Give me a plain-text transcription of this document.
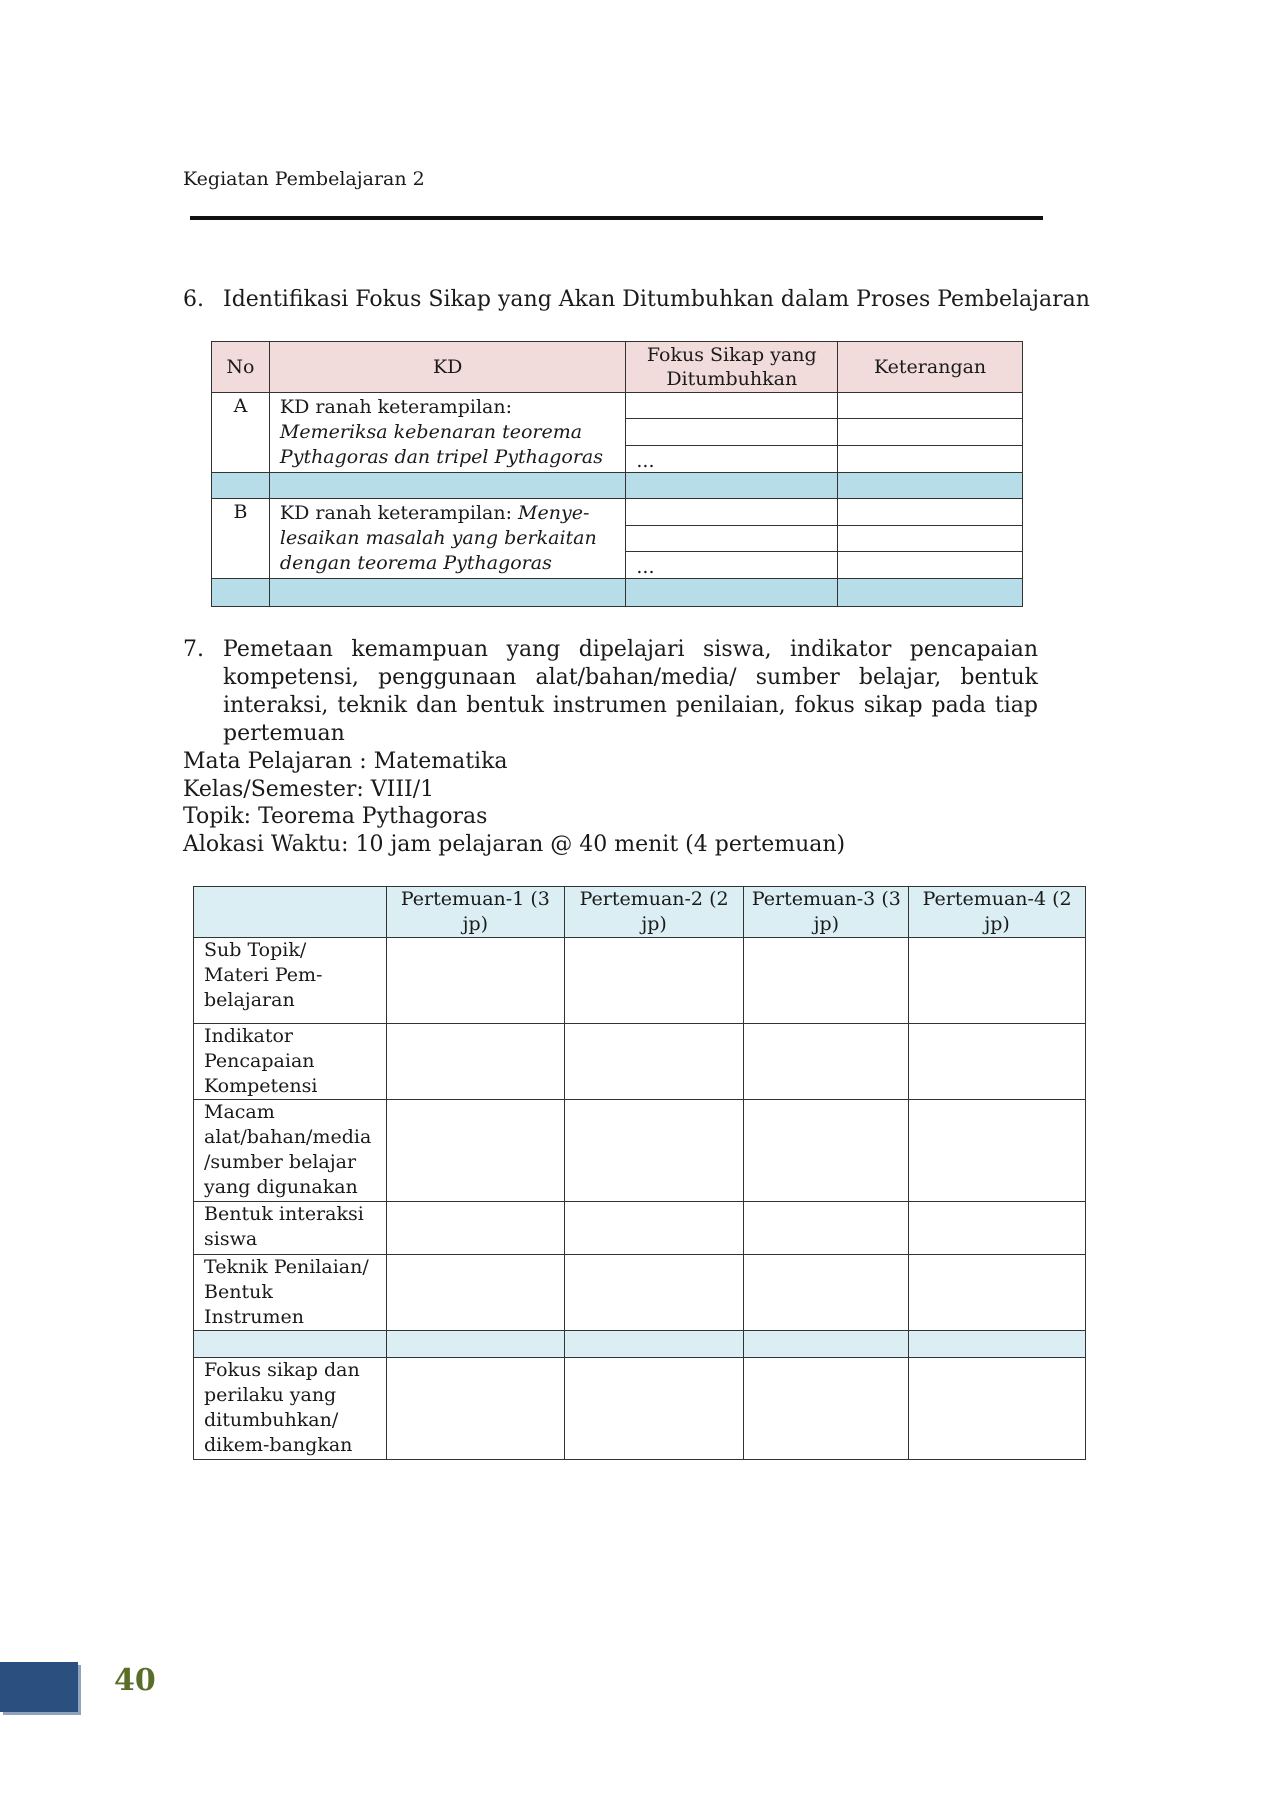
Kegiatan Pembelajaran 2
6. Identifikasi Fokus Sikap yang Akan Ditumbuhkan dalam Proses Pembelajaran
No	KD	Fokus Sikap yang Ditumbuhkan	Keterangan
A	KD ranah keterampilan: Memeriksa kebenaran teorema Pythagoras dan tripel Pythagoras		

		...	

B	KD ranah keterampilan: Menye-lesaikan masalah yang berkaitan dengan teorema Pythagoras		

		...	

7. Pemetaan kemampuan yang dipelajari siswa, indikator pencapaian kompetensi, penggunaan alat/bahan/media/ sumber belajar, bentuk interaksi, teknik dan bentuk instrumen penilaian, fokus sikap pada tiap pertemuan
Mata Pelajaran : Matematika
Kelas/Semester: VIII/1
Topik: Teorema Pythagoras
Alokasi Waktu: 10 jam pelajaran @ 40 menit (4 pertemuan)
	Pertemuan-1 (3 jp)	Pertemuan-2 (2 jp)	Pertemuan-3 (3 jp)	Pertemuan-4 (2 jp)
Sub Topik/ Materi Pem-belajaran				
Indikator Pencapaian Kompetensi				
Macam alat/bahan/media /sumber belajar yang digunakan				
Bentuk interaksi siswa				
Teknik Penilaian/ Bentuk Instrumen				

Fokus sikap dan perilaku yang ditumbuhkan/ dikem-bangkan				
40
